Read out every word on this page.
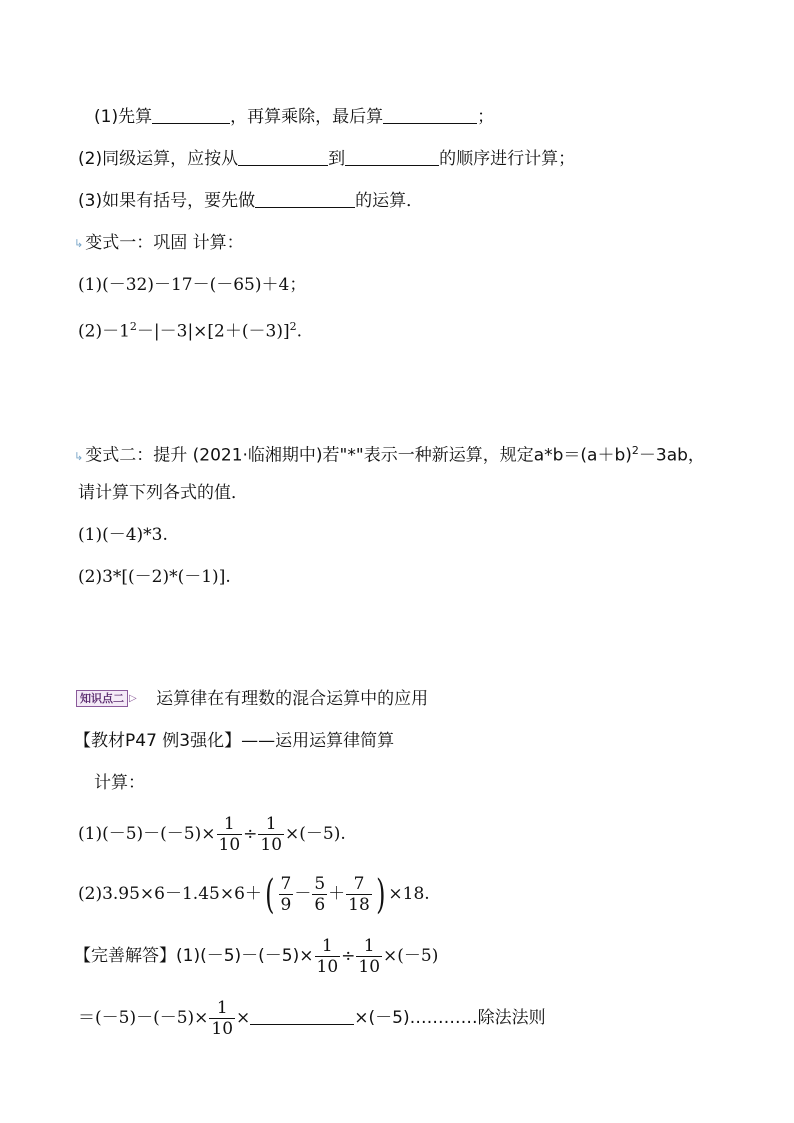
(1)先算	，再算乘除，最后算	；
(2)同级运算，应按从	到	的顺序进行计算；
(3)如果有括号，要先做	的运算．
↳ 变式一：巩固 计算：
(1)(－32)－17－(－65)＋4；
$(2)-1^2-|-3|\times[2+(-3)]^2$.
↳ 变式二：提升 (2021·临湘期中)若"*"表示一种新运算，规定$a*b=(a+b)^2-3ab$，
请计算下列各式的值．
(1)(－4)*3.
(2)3*[(－2)*(－1)].
知识点二 ▷ 运算律在有理数的混合运算中的应用
【教材P47 例3强化】——运用运算律简算
计算：
$(1)(-5)-(-5)\times \frac{1}{10} \div \frac{1}{10} \times(-5)$.
$(2)3.95\times 6-1.45\times 6+( \frac{7}{9} - \frac{5}{6} + \frac{7}{18}$ ) ×18.
【完善解答】$(1)(-5)-(-5)\times \frac{1}{10} \div \frac{1}{10} \times(-5)$
$=(-5)-(-5)\times \frac{1}{10}$ ×	×(－5)…………除法法则
